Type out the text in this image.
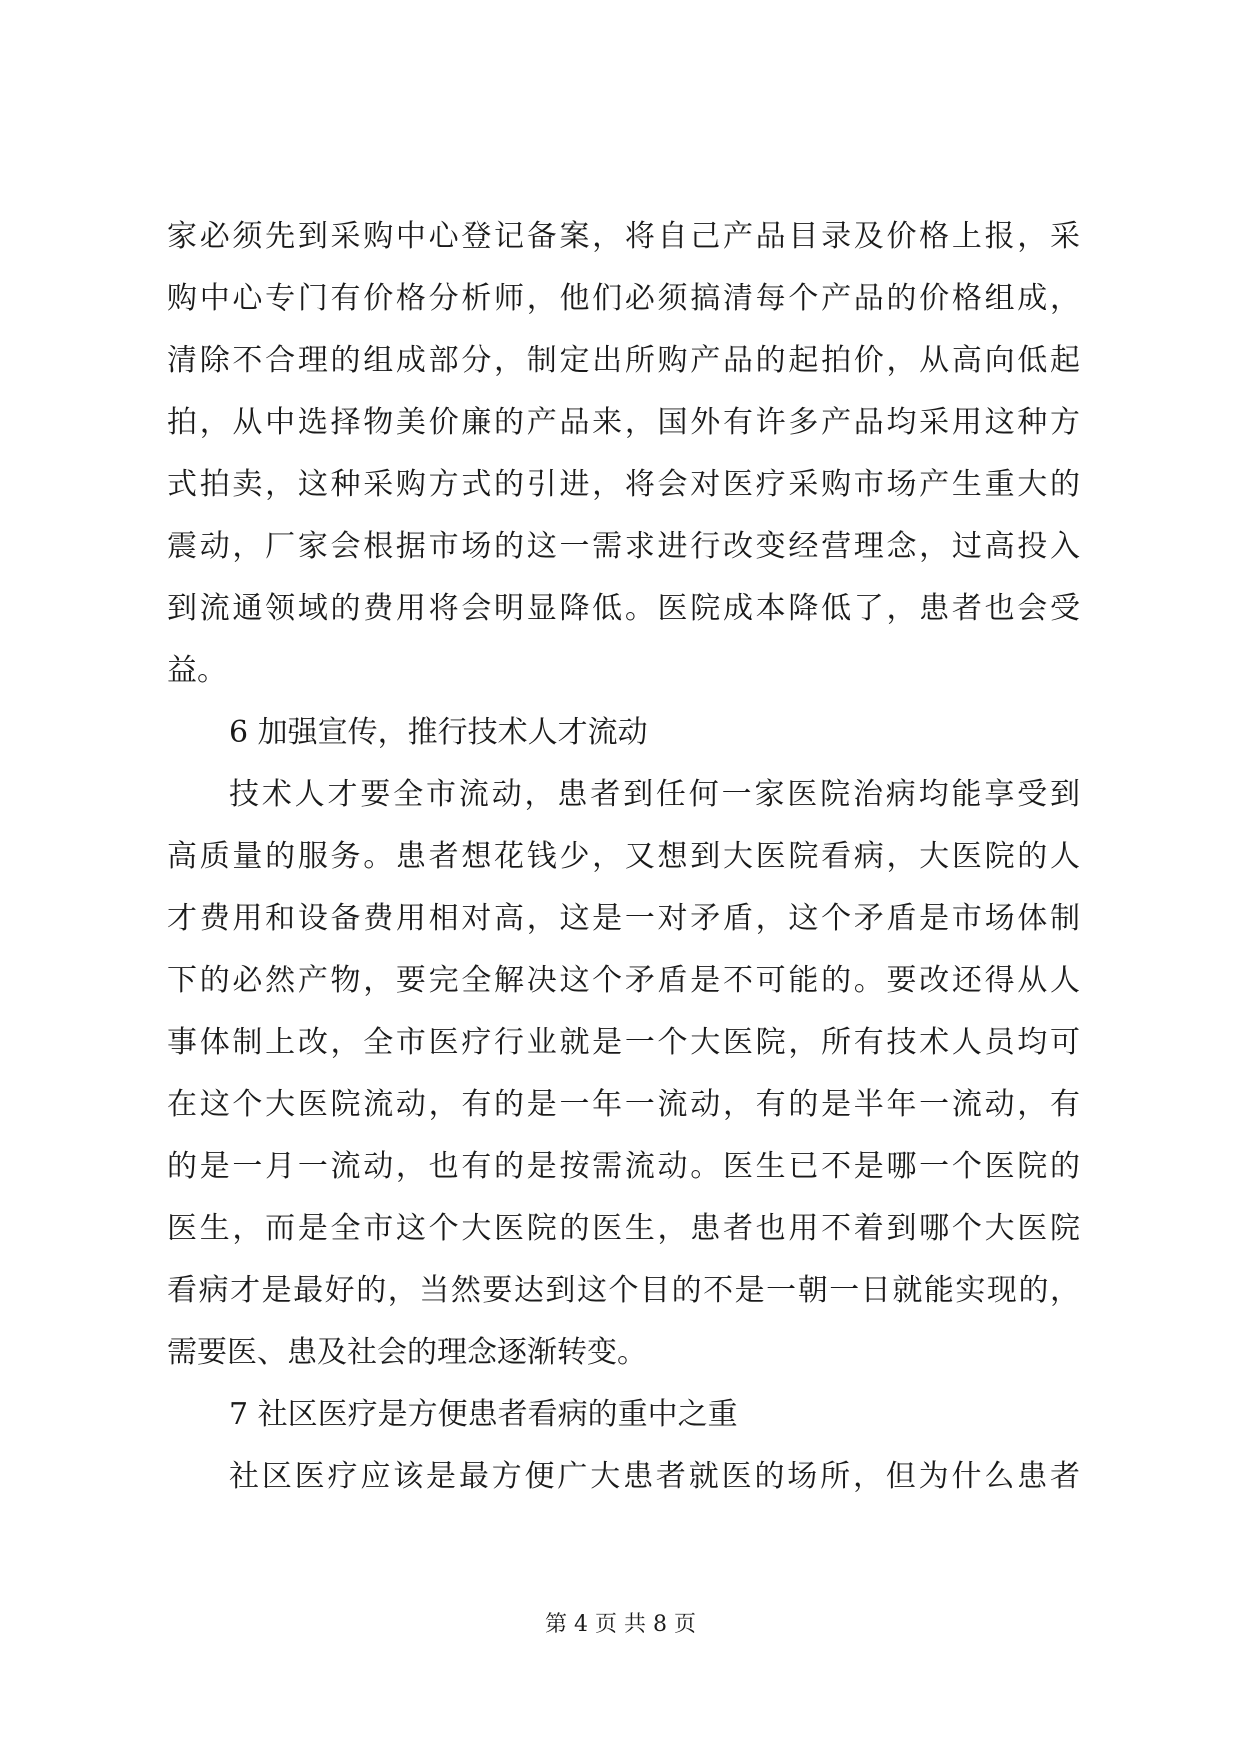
家必须先到采购中心登记备案，将自己产品目录及价格上报，采
购中心专门有价格分析师，他们必须搞清每个产品的价格组成，
清除不合理的组成部分，制定出所购产品的起拍价，从高向低起
拍，从中选择物美价廉的产品来，国外有许多产品均采用这种方
式拍卖，这种采购方式的引进，将会对医疗采购市场产生重大的
震动，厂家会根据市场的这一需求进行改变经营理念，过高投入
到流通领域的费用将会明显降低。医院成本降低了，患者也会受
益。
6 加强宣传，推行技术人才流动
技术人才要全市流动，患者到任何一家医院治病均能享受到
高质量的服务。患者想花钱少，又想到大医院看病，大医院的人
才费用和设备费用相对高，这是一对矛盾，这个矛盾是市场体制
下的必然产物，要完全解决这个矛盾是不可能的。要改还得从人
事体制上改，全市医疗行业就是一个大医院，所有技术人员均可
在这个大医院流动，有的是一年一流动，有的是半年一流动，有
的是一月一流动，也有的是按需流动。医生已不是哪一个医院的
医生，而是全市这个大医院的医生，患者也用不着到哪个大医院
看病才是最好的，当然要达到这个目的不是一朝一日就能实现的，
需要医、患及社会的理念逐渐转变。
7 社区医疗是方便患者看病的重中之重
社区医疗应该是最方便广大患者就医的场所，但为什么患者
第 4 页 共 8 页
